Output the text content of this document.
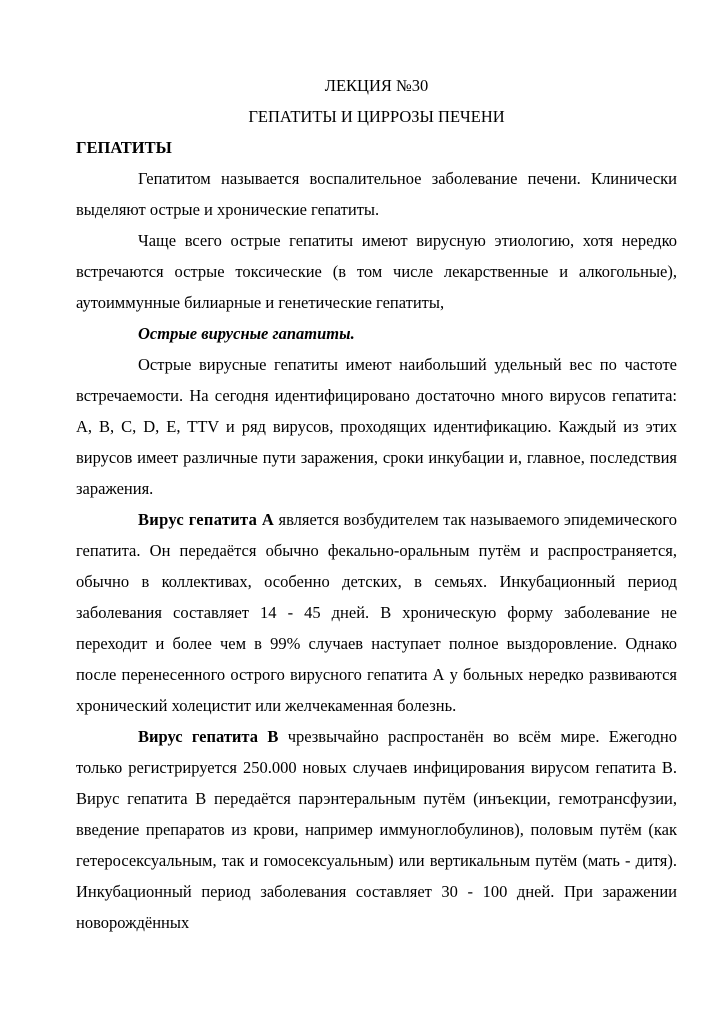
ЛЕКЦИЯ №30
ГЕПАТИТЫ И ЦИРРОЗЫ ПЕЧЕНИ
ГЕПАТИТЫ

Гепатитом называется воспалительное заболевание печени. Клинически выделяют острые и хронические гепатиты.

Чаще всего острые гепатиты имеют вирусную этиологию, хотя нередко встречаются острые токсические (в том числе лекарственные и алкогольные), аутоиммунные билиарные и генетические гепатиты,

Острые вирусные гапатиты.

Острые вирусные гепатиты имеют наибольший удельный вес по частоте встречаемости. На сегодня идентифицировано достаточно много вирусов гепатита: A, B, C, D, E, TTV и ряд вирусов, проходящих идентификацию. Каждый из этих вирусов имеет различные пути заражения, сроки инкубации и, главное, последствия заражения.

Вирус гепатита А является возбудителем так называемого эпидемического гепатита. Он передаётся обычно фекально-оральным путём и распространяется, обычно в коллективах, особенно детских, в семьях. Инкубационный период заболевания составляет 14 - 45 дней. В хроническую форму заболевание не переходит и более чем в 99% случаев наступает полное выздоровление. Однако после перенесенного острого вирусного гепатита А у больных нередко развиваются хронический холецистит или желчекаменная болезнь.

Вирус гепатита В чрезвычайно распростанён во всём мире. Ежегодно только регистрируется 250.000 новых случаев инфицирования вирусом гепатита В. Вирус гепатита В передаётся парэнтеральным путём (инъекции, гемотрансфузии, введение препаратов из крови, например иммуноглобулинов), половым путём (как гетеросексуальным, так и гомосексуальным) или вертикальным путём (мать - дитя). Инкубационный период заболевания составляет 30 - 100 дней. При заражении новорождённых
